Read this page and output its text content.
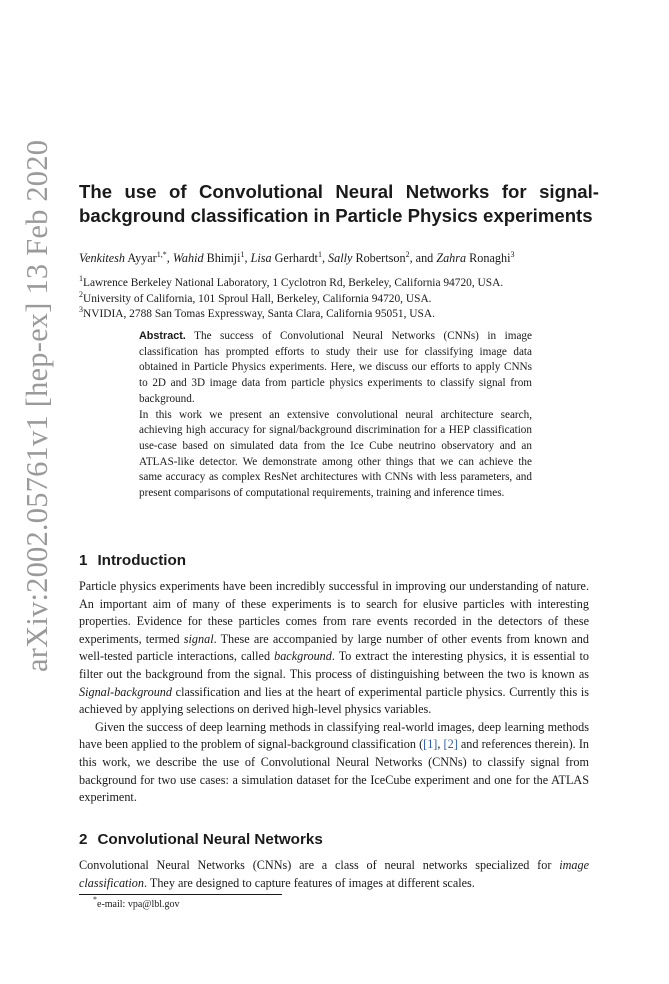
arXiv:2002.05761v1 [hep-ex] 13 Feb 2020 The use of Convolutional Neural Networks for signal-
background classification in Particle Physics experiments
Venkitesh Ayyar$^{1,*}$, Wahid Bhimji$^1$, Lisa Gerhardt$^1$, Sally Robertson$^2$, and Zahra Ronaghi$^3$
$^1$Lawrence Berkeley National Laboratory, 1 Cyclotron Rd, Berkeley, California 94720, USA.
$^2$University of California, 101 Sproul Hall, Berkeley, California 94720, USA.
$^3$NVIDIA, 2788 San Tomas Expressway, Santa Clara, California 95051, USA.

Abstract. The success of Convolutional Neural Networks (CNNs) in image classification has prompted efforts to study their use for classifying image data obtained in Particle Physics experiments. Here, we discuss our efforts to apply CNNs to 2D and 3D image data from particle physics experiments to classify signal from background.

In this work we present an extensive convolutional neural architecture search, achieving high accuracy for signal/background discrimination for a HEP classification use-case based on simulated data from the Ice Cube neutrino observatory and an ATLAS-like detector. We demonstrate among other things that we can achieve the same accuracy as complex ResNet architectures with CNNs with less parameters, and present comparisons of computational requirements, training and inference times.

1 Introduction

Particle physics experiments have been incredibly successful in improving our understanding of nature. An important aim of many of these experiments is to search for elusive particles with interesting properties. Evidence for these particles comes from rare events recorded in the detectors of these experiments, termed signal. These are accompanied by large number of other events from known and well-tested particle interactions, called background. To extract the interesting physics, it is essential to filter out the background from the signal. This process of distinguishing between the two is known as Signal-background classification and lies at the heart of experimental particle physics. Currently this is achieved by applying selections on derived high-level physics variables.

Given the success of deep learning methods in classifying real-world images, deep learning methods have been applied to the problem of signal-background classification ([1], [2] and references therein). In this work, we describe the use of Convolutional Neural Networks (CNNs) to classify signal from background for two use cases: a simulation dataset for the IceCube experiment and one for the ATLAS experiment.

2 Convolutional Neural Networks

Convolutional Neural Networks (CNNs) are a class of neural networks specialized for image classification. They are designed to capture features of images at different scales.

*e-mail: vpa@lbl.gov
